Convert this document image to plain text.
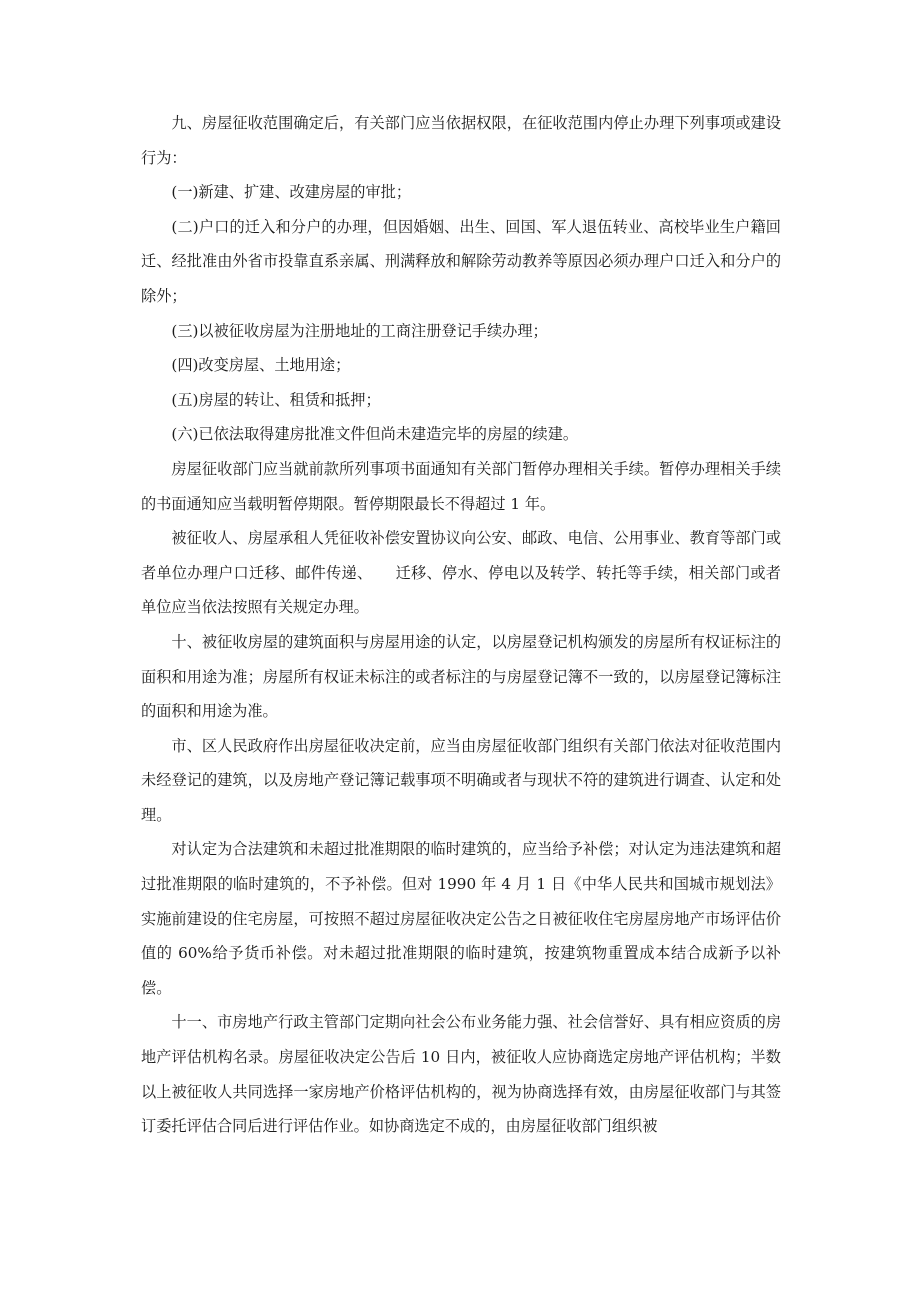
九、房屋征收范围确定后，有关部门应当依据权限，在征收范围内停止办理下列事项或建设行为：

(一)新建、扩建、改建房屋的审批；

(二)户口的迁入和分户的办理，但因婚姻、出生、回国、军人退伍转业、高校毕业生户籍回迁、经批准由外省市投靠直系亲属、刑满释放和解除劳动教养等原因必须办理户口迁入和分户的除外；

(三)以被征收房屋为注册地址的工商注册登记手续办理；

(四)改变房屋、土地用途；

(五)房屋的转让、租赁和抵押；

(六)已依法取得建房批准文件但尚未建造完毕的房屋的续建。

房屋征收部门应当就前款所列事项书面通知有关部门暂停办理相关手续。暂停办理相关手续的书面通知应当载明暂停期限。暂停期限最长不得超过 1 年。

被征收人、房屋承租人凭征收补偿安置协议向公安、邮政、电信、公用事业、教育等部门或者单位办理户口迁移、邮件传递、　　迁移、停水、停电以及转学、转托等手续，相关部门或者单位应当依法按照有关规定办理。

十、被征收房屋的建筑面积与房屋用途的认定，以房屋登记机构颁发的房屋所有权证标注的面积和用途为准；房屋所有权证未标注的或者标注的与房屋登记簿不一致的，以房屋登记簿标注的面积和用途为准。

市、区人民政府作出房屋征收决定前，应当由房屋征收部门组织有关部门依法对征收范围内未经登记的建筑，以及房地产登记簿记载事项不明确或者与现状不符的建筑进行调查、认定和处理。

对认定为合法建筑和未超过批准期限的临时建筑的，应当给予补偿；对认定为违法建筑和超过批准期限的临时建筑的，不予补偿。但对 1990 年 4 月 1 日《中华人民共和国城市规划法》实施前建设的住宅房屋，可按照不超过房屋征收决定公告之日被征收住宅房屋房地产市场评估价值的 60%给予货币补偿。对未超过批准期限的临时建筑，按建筑物重置成本结合成新予以补偿。

十一、市房地产行政主管部门定期向社会公布业务能力强、社会信誉好、具有相应资质的房地产评估机构名录。房屋征收决定公告后 10 日内，被征收人应协商选定房地产评估机构；半数以上被征收人共同选择一家房地产价格评估机构的，视为协商选择有效，由房屋征收部门与其签订委托评估合同后进行评估作业。如协商选定不成的，由房屋征收部门组织被
